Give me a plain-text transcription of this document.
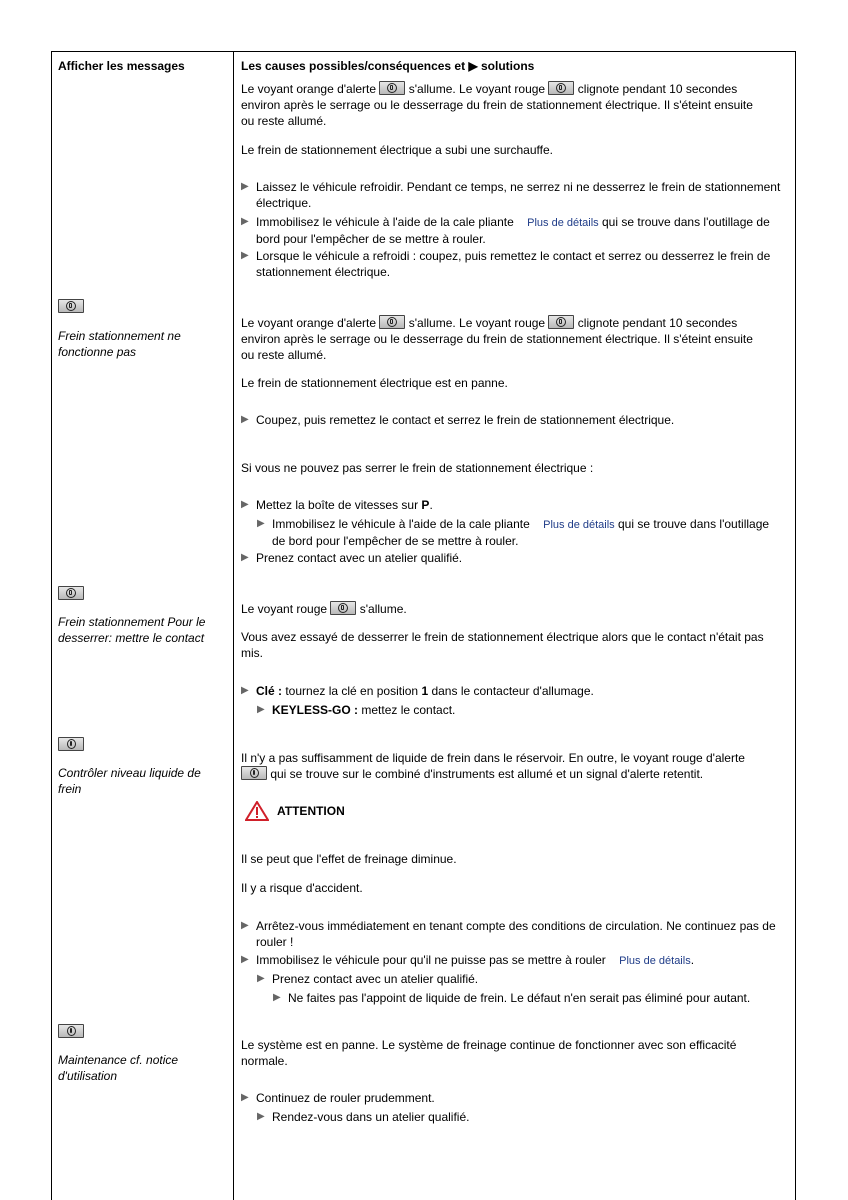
Afficher les messages	Les causes possibles/conséquences et ▶ solutions
Le voyant orange d'alerte
s'allume. Le voyant rouge
clignote pendant 10 secondes
environ après le serrage ou le desserrage du frein de stationnement électrique. Il s'éteint ensuite
ou reste allumé.
Le frein de stationnement électrique a subi une surchauffe.
▶ Laissez le véhicule refroidir. Pendant ce temps, ne serrez ni ne desserrez le frein de stationnement électrique.
▶ Immobilisez le véhicule à l'aide de la cale pliante    Plus de détails qui se trouve dans l'outillage de bord pour l'empêcher de se mettre à rouler.
▶ Lorsque le véhicule a refroidi : coupez, puis remettez le contact et serrez ou desserrez le frein de stationnement électrique.
Frein stationnement ne fonctionne pas
Le voyant orange d'alerte
s'allume. Le voyant rouge
clignote pendant 10 secondes
environ après le serrage ou le desserrage du frein de stationnement électrique. Il s'éteint ensuite
ou reste allumé.
Le frein de stationnement électrique est en panne.
▶ Coupez, puis remettez le contact et serrez le frein de stationnement électrique.
Si vous ne pouvez pas serrer le frein de stationnement électrique :
▶ Mettez la boîte de vitesses sur P.
▶ Immobilisez le véhicule à l'aide de la cale pliante    Plus de détails qui se trouve dans l'outillage de bord pour l'empêcher de se mettre à rouler.
▶ Prenez contact avec un atelier qualifié.
Frein stationnement Pour le desserrer: mettre le contact
Le voyant rouge
s'allume.
Vous avez essayé de desserrer le frein de stationnement électrique alors que le contact n'était pas mis.
▶ Clé : tournez la clé en position 1 dans le contacteur d'allumage.
▶ KEYLESS-GO : mettez le contact.
Contrôler niveau liquide de frein
Il n'y a pas suffisamment de liquide de frein dans le réservoir. En outre, le voyant rouge d'alerte

qui se trouve sur le combiné d'instruments est allumé et un signal d'alerte retentit.
ATTENTION
Il se peut que l'effet de freinage diminue.
Il y a risque d'accident.
▶ Arrêtez-vous immédiatement en tenant compte des conditions de circulation. Ne continuez pas de rouler !
▶ Immobilisez le véhicule pour qu'il ne puisse pas se mettre à rouler    Plus de détails.
▶ Prenez contact avec un atelier qualifié.
▶ Ne faites pas l'appoint de liquide de frein. Le défaut n'en serait pas éliminé pour autant.
Maintenance cf. notice d'utilisation
Le système est en panne. Le système de freinage continue de fonctionner avec son efficacité normale.
▶ Continuez de rouler prudemment.
▶ Rendez-vous dans un atelier qualifié.
